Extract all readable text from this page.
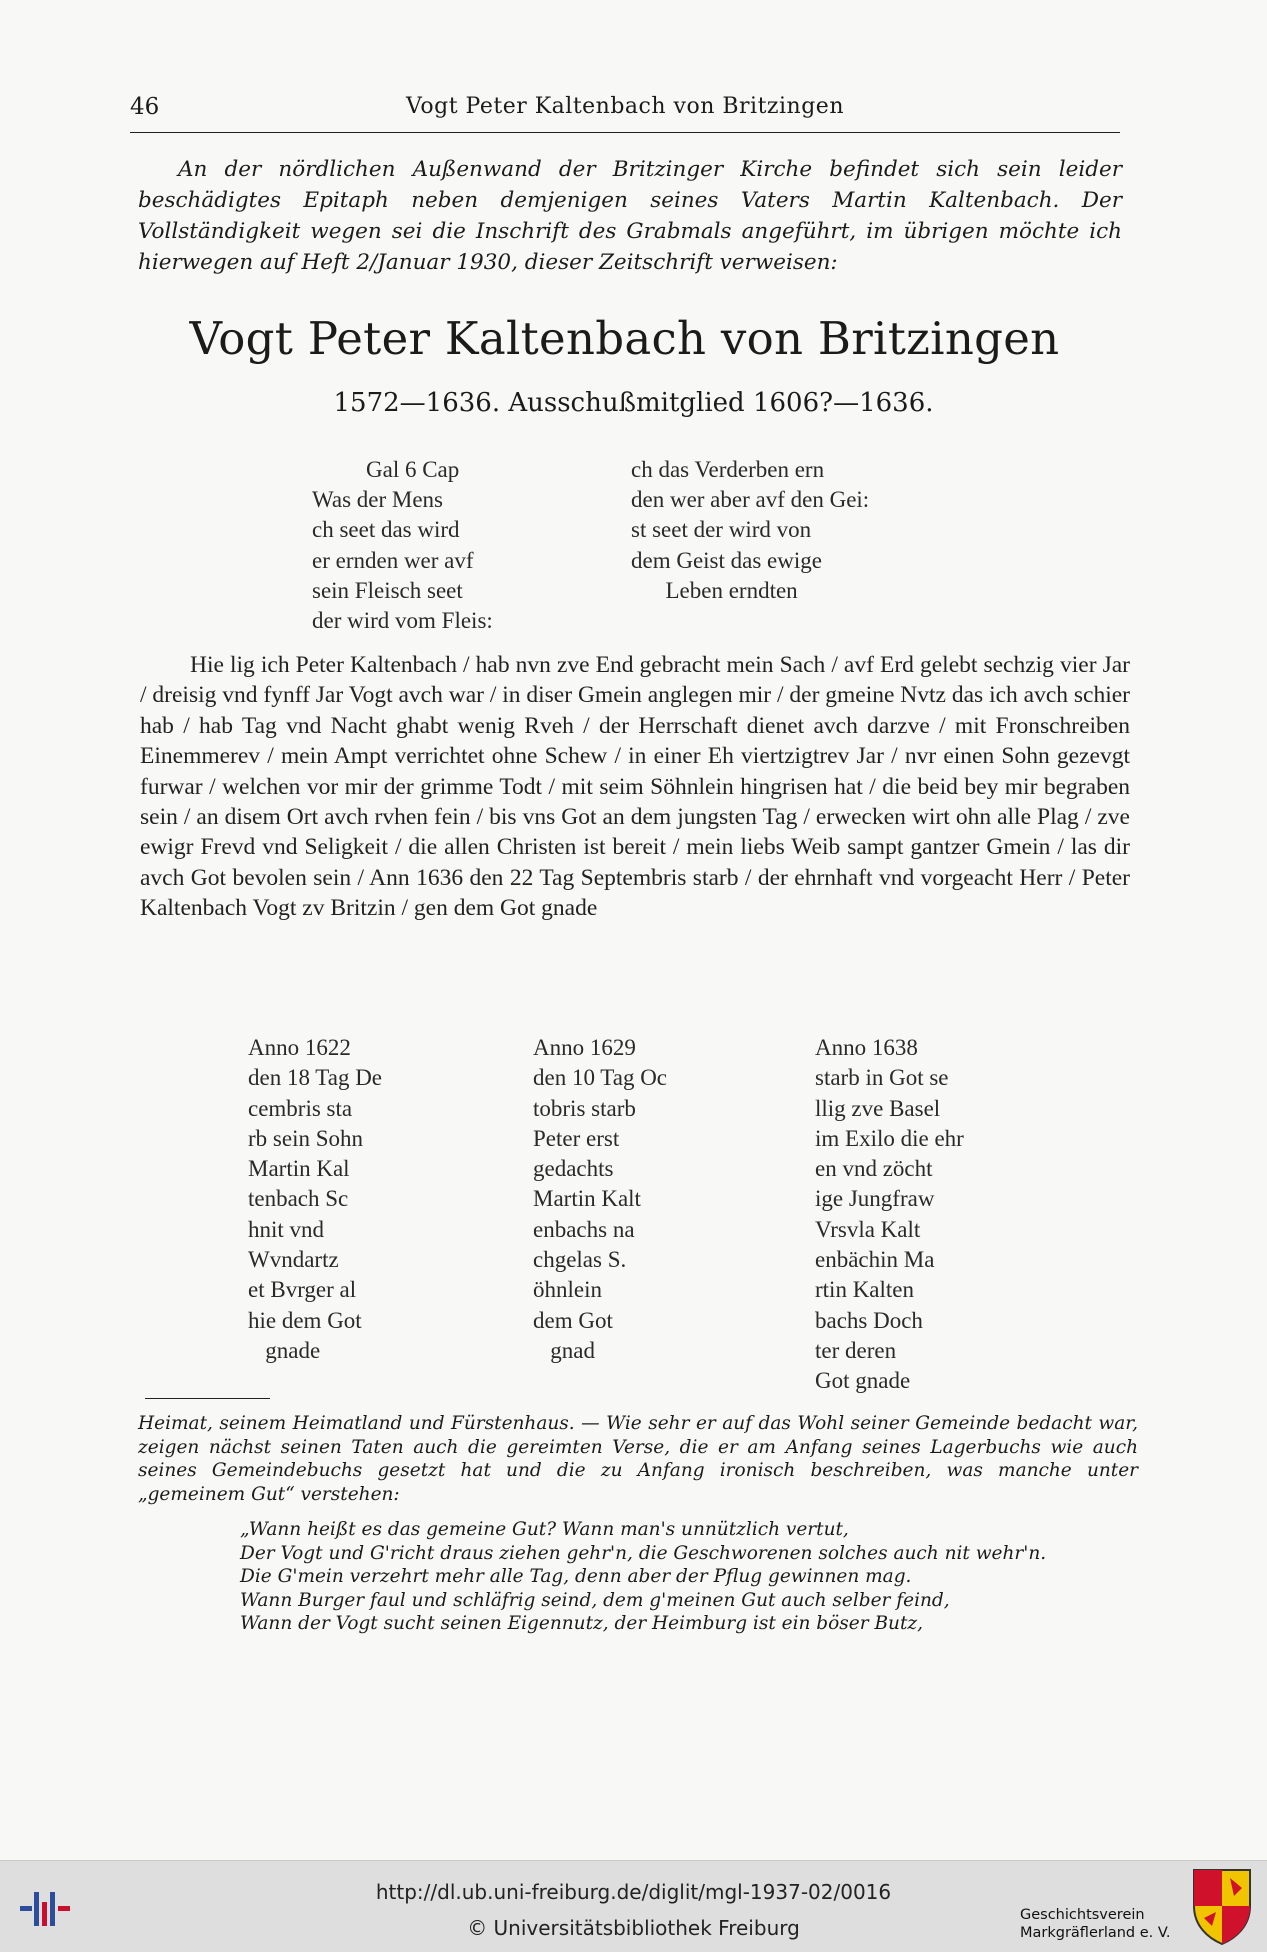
46	Vogt Peter Kaltenbach von Britzingen

An der nördlichen Außenwand der Britzinger Kirche befindet sich sein leider beschädigtes Epitaph neben demjenigen seines Vaters Martin Kaltenbach. Der Vollständigkeit wegen sei die Inschrift des Grabmals angeführt, im übrigen möchte ich hierwegen auf Heft 2/Januar 1930, dieser Zeitschrift verweisen:

Vogt Peter Kaltenbach von Britzingen
1572—1636. Ausschußmitglied 1606?—1636.
Gal 6 Cap
Was der Mens
ch seet das wird
er ernden wer avf
sein Fleisch seet
der wird vom Fleis:
ch das Verderben ern
den wer aber avf den Gei:
st seet der wird von
dem Geist das ewige
Leben erndten

Hie lig ich Peter Kaltenbach / hab nvn zve End gebracht mein Sach / avf Erd gelebt sechzig vier Jar / dreisig vnd fynff Jar Vogt avch war / in diser Gmein anglegen mir / der gmeine Nvtz das ich avch schier hab / hab Tag vnd Nacht ghabt wenig Rveh / der Herrschaft dienet avch darzve / mit Fronschreiben Einemmerev / mein Ampt verrichtet ohne Schew / in einer Eh viertzigtrev Jar / nvr einen Sohn gezevgt furwar / welchen vor mir der grimme Todt / mit seim Söhnlein hingrisen hat / die beid bey mir begraben sein / an disem Ort avch rvhen fein / bis vns Got an dem jungsten Tag / erwecken wirt ohn alle Plag / zve ewigr Frevd vnd Seligkeit / die allen Christen ist bereit / mein liebs Weib sampt gantzer Gmein / las dir avch Got bevolen sein / Ann 1636 den 22 Tag Septembris starb / der ehrnhaft vnd vorgeacht Herr / Peter Kaltenbach Vogt zv Britzin / gen dem Got gnade

Anno 1622
den 18 Tag De
cembris sta
rb sein Sohn
Martin Kal
tenbach Sc
hnit vnd
Wvndartz
et Bvrger al
hie dem Got
gnade
Anno 1629
den 10 Tag Oc
tobris starb
Peter erst
gedachts
Martin Kalt
enbachs na
chgelas S.
öhnlein
dem Got
gnad
Anno 1638
starb in Got se
llig zve Basel
im Exilo die ehr
en vnd zöcht
ige Jungfraw
Vrsvla Kalt
enbächin Ma
rtin Kalten
bachs Doch
ter deren
Got gnade

Heimat, seinem Heimatland und Fürstenhaus. — Wie sehr er auf das Wohl seiner Gemeinde bedacht war, zeigen nächst seinen Taten auch die gereimten Verse, die er am Anfang seines Lagerbuchs wie auch seines Gemeindebuchs gesetzt hat und die zu Anfang ironisch beschreiben, was manche unter „gemeinem Gut“ verstehen:

„Wann heißt es das gemeine Gut? Wann man's unnützlich vertut,
Der Vogt und G'richt draus ziehen gehr'n, die Geschworenen solches auch nit wehr'n.
Die G'mein verzehrt mehr alle Tag, denn aber der Pflug gewinnen mag.
Wann Burger faul und schläfrig seind, dem g'meinen Gut auch selber feind,
Wann der Vogt sucht seinen Eigennutz, der Heimburg ist ein böser Butz,
http://dl.ub.uni-freiburg.de/diglit/mgl-1937-02/0016
© Universitätsbibliothek Freiburg
Geschichtsverein
Markgräflerland e. V.
